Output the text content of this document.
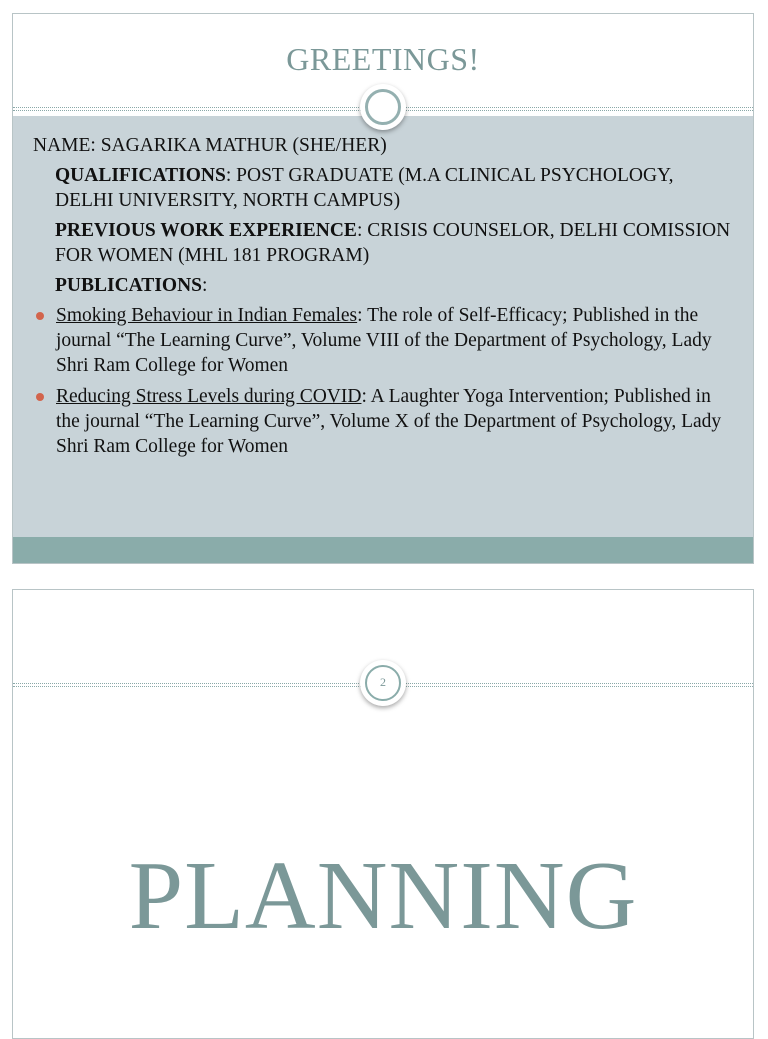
GREETINGS!

NAME: SAGARIKA MATHUR (SHE/HER)

QUALIFICATIONS: POST GRADUATE (M.A CLINICAL PSYCHOLOGY, DELHI UNIVERSITY, NORTH CAMPUS)

PREVIOUS WORK EXPERIENCE: CRISIS COUNSELOR, DELHI COMISSION FOR WOMEN (MHL 181 PROGRAM)

PUBLICATIONS:

Smoking Behaviour in Indian Females: The role of Self-Efficacy; Published in the journal “The Learning Curve”, Volume VIII of the Department of Psychology, Lady Shri Ram College for Women
Reducing Stress Levels during COVID: A Laughter Yoga Intervention; Published in the journal “The Learning Curve”, Volume X of the Department of Psychology, Lady Shri Ram College for Women
2
PLANNING
